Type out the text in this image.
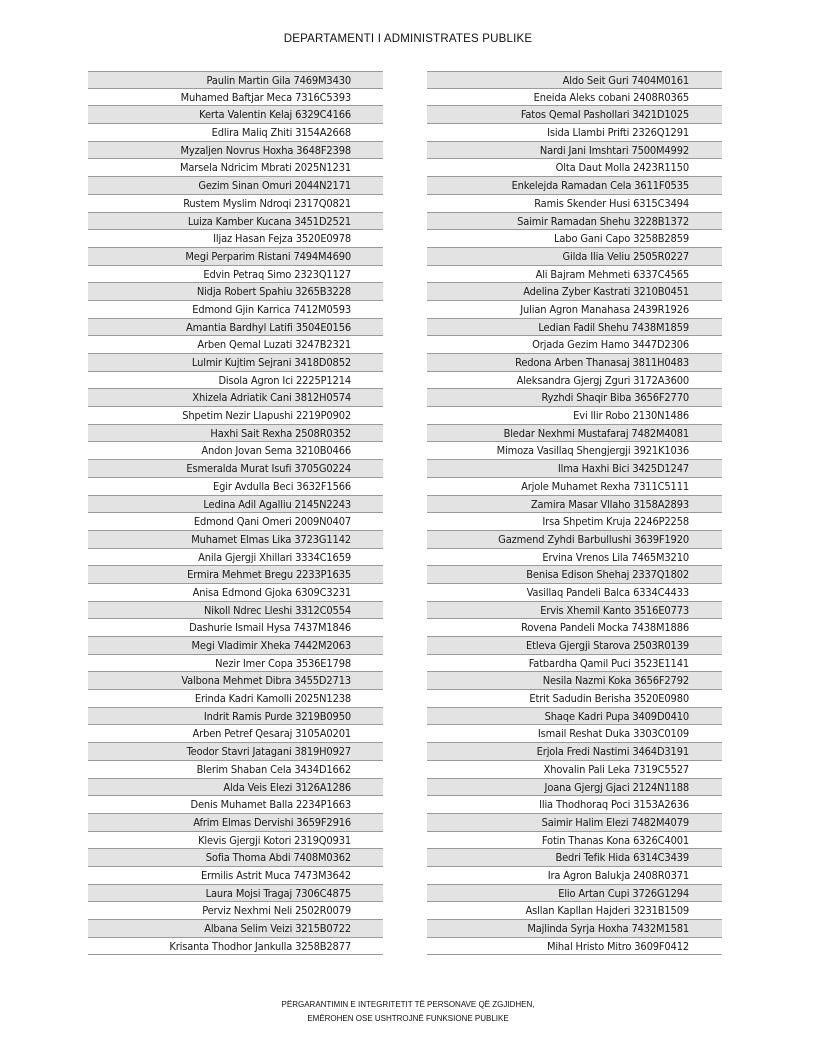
DEPARTAMENTI I ADMINISTRATES PUBLIKE
Paulin Martin Gila 7469M3430
Muhamed Baftjar Meca 7316C5393
Kerta Valentin Kelaj 6329C4166
Edlira Maliq Zhiti 3154A2668
Myzaljen Novrus Hoxha 3648F2398
Marsela Ndricim Mbrati 2025N1231
Gezim Sinan Omuri 2044N2171
Rustem Myslim Ndroqi 2317Q0821
Luiza Kamber Kucana 3451D2521
Iljaz Hasan Fejza 3520E0978
Megi Perparim Ristani 7494M4690
Edvin Petraq Simo 2323Q1127
Nidja Robert Spahiu 3265B3228
Edmond Gjin Karrica 7412M0593
Amantia Bardhyl Latifi 3504E0156
Arben Qemal Luzati 3247B2321
Lulmir Kujtim Sejrani 3418D0852
Disola Agron Ici 2225P1214
Xhizela Adriatik Cani 3812H0574
Shpetim Nezir Llapushi 2219P0902
Haxhi Sait Rexha 2508R0352
Andon Jovan Sema 3210B0466
Esmeralda Murat Isufi 3705G0224
Egir Avdulla Beci 3632F1566
Ledina Adil Agalliu 2145N2243
Edmond Qani Omeri 2009N0407
Muhamet Elmas Lika 3723G1142
Anila Gjergji Xhillari 3334C1659
Ermira Mehmet Bregu 2233P1635
Anisa Edmond Gjoka 6309C3231
Nikoll Ndrec Lleshi 3312C0554
Dashurie Ismail Hysa 7437M1846
Megi Vladimir Xheka 7442M2063
Nezir Imer Copa 3536E1798
Valbona Mehmet Dibra 3455D2713
Erinda Kadri Kamolli 2025N1238
Indrit Ramis Purde 3219B0950
Arben Petref Qesaraj 3105A0201
Teodor Stavri Jatagani 3819H0927
Blerim Shaban Cela 3434D1662
Alda Veis Elezi 3126A1286
Denis Muhamet Balla 2234P1663
Afrim Elmas Dervishi 3659F2916
Klevis Gjergji Kotori 2319Q0931
Sofia Thoma Abdi 7408M0362
Ermilis Astrit Muca 7473M3642
Laura Mojsi Tragaj 7306C4875
Perviz Nexhmi Neli 2502R0079
Albana Selim Veizi 3215B0722
Krisanta Thodhor Jankulla 3258B2877
Aldo Seit Guri 7404M0161
Eneida Aleks cobani 2408R0365
Fatos Qemal Pashollari 3421D1025
Isida Llambi Prifti 2326Q1291
Nardi Jani Imshtari 7500M4992
Olta Daut Molla 2423R1150
Enkelejda Ramadan Cela 3611F0535
Ramis Skender Husi 6315C3494
Saimir Ramadan Shehu 3228B1372
Labo Gani Capo 3258B2859
Gilda Ilia Veliu 2505R0227
Ali Bajram Mehmeti 6337C4565
Adelina Zyber Kastrati 3210B0451
Julian Agron Manahasa 2439R1926
Ledian Fadil Shehu 7438M1859
Orjada Gezim Hamo 3447D2306
Redona Arben Thanasaj 3811H0483
Aleksandra Gjergj Zguri 3172A3600
Ryzhdi Shaqir Biba 3656F2770
Evi Ilir Robo 2130N1486
Bledar Nexhmi Mustafaraj 7482M4081
Mimoza Vasillaq Shengjergji 3921K1036
Ilma Haxhi Bici 3425D1247
Arjole Muhamet Rexha 7311C5111
Zamira Masar Vllaho 3158A2893
Irsa Shpetim Kruja 2246P2258
Gazmend Zyhdi Barbullushi 3639F1920
Ervina Vrenos Lila 7465M3210
Benisa Edison Shehaj 2337Q1802
Vasillaq Pandeli Balca 6334C4433
Ervis Xhemil Kanto 3516E0773
Rovena Pandeli Mocka 7438M1886
Etleva Gjergji Starova 2503R0139
Fatbardha Qamil Puci 3523E1141
Nesila Nazmi Koka 3656F2792
Etrit Sadudin Berisha 3520E0980
Shaqe Kadri Pupa 3409D0410
Ismail Reshat Duka 3303C0109
Erjola Fredi Nastimi 3464D3191
Xhovalin Pali Leka 7319C5527
Joana Gjergj Gjaci 2124N1188
Ilia Thodhoraq Poci 3153A2636
Saimir Halim Elezi 7482M4079
Fotin Thanas Kona 6326C4001
Bedri Tefik Hida 6314C3439
Ira Agron Balukja 2408R0371
Elio Artan Cupi 3726G1294
Asllan Kapllan Hajderi 3231B1509
Majlinda Syrja Hoxha 7432M1581
Mihal Hristo Mitro 3609F0412
PËRGARANTIMIN E INTEGRITETIT TË PERSONAVE QË ZGJIDHEN,
EMËROHEN OSE USHTROJNË FUNKSIONE PUBLIKE
